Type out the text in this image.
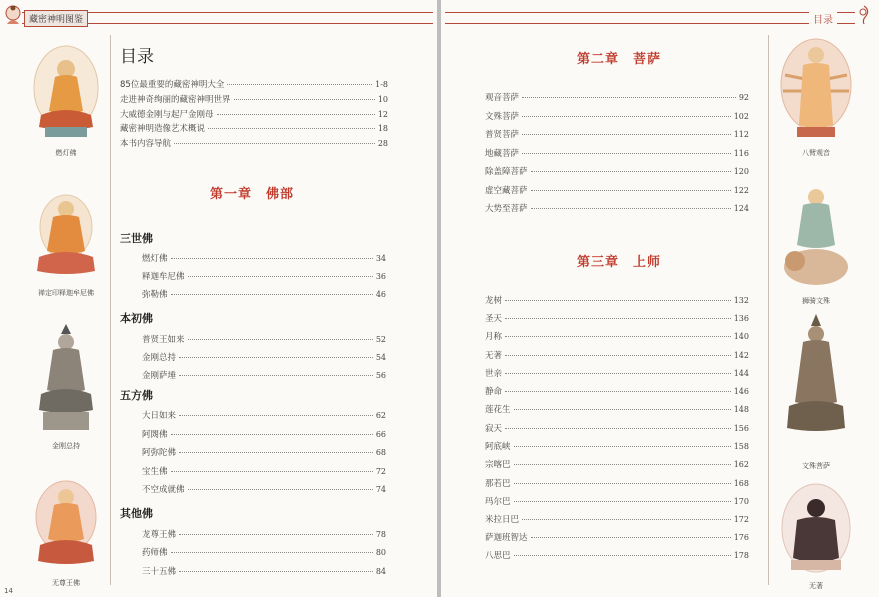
藏密神明图鉴
燃灯佛
禅定印释迦牟尼佛
金刚总持
无尊王佛
目录
85位最重要的藏密神明大全	1-8
走进神奇绚丽的藏密神明世界	10
大威德金刚与起尸金刚母	12
藏密神明造像艺术概说	18
本书内容导航	28
第一章　佛部
三世佛
燃灯佛	34
释迦牟尼佛	36
弥勒佛	46
本初佛
普贤王如来	52
金刚总持	54
金刚萨埵	56
五方佛
大日如来	62
阿閦佛	66
阿弥陀佛	68
宝生佛	72
不空成就佛	74
其他佛
龙尊王佛	78
药师佛	80
三十五佛	84
14
目录
第二章　菩萨
观音菩萨	92
文殊菩萨	102
普贤菩萨	112
地藏菩萨	116
除盖障菩萨	120
虚空藏菩萨	122
大势至菩萨	124
第三章　上师
龙树	132
圣天	136
月称	140
无著	142
世亲	144
静命	146
莲花生	148
寂天	156
阿底峡	158
宗喀巴	162
那若巴	168
玛尔巴	170
米拉日巴	172
萨迦班智达	176
八思巴	178
八臂观音
狮骑文殊
文殊菩萨
无著
